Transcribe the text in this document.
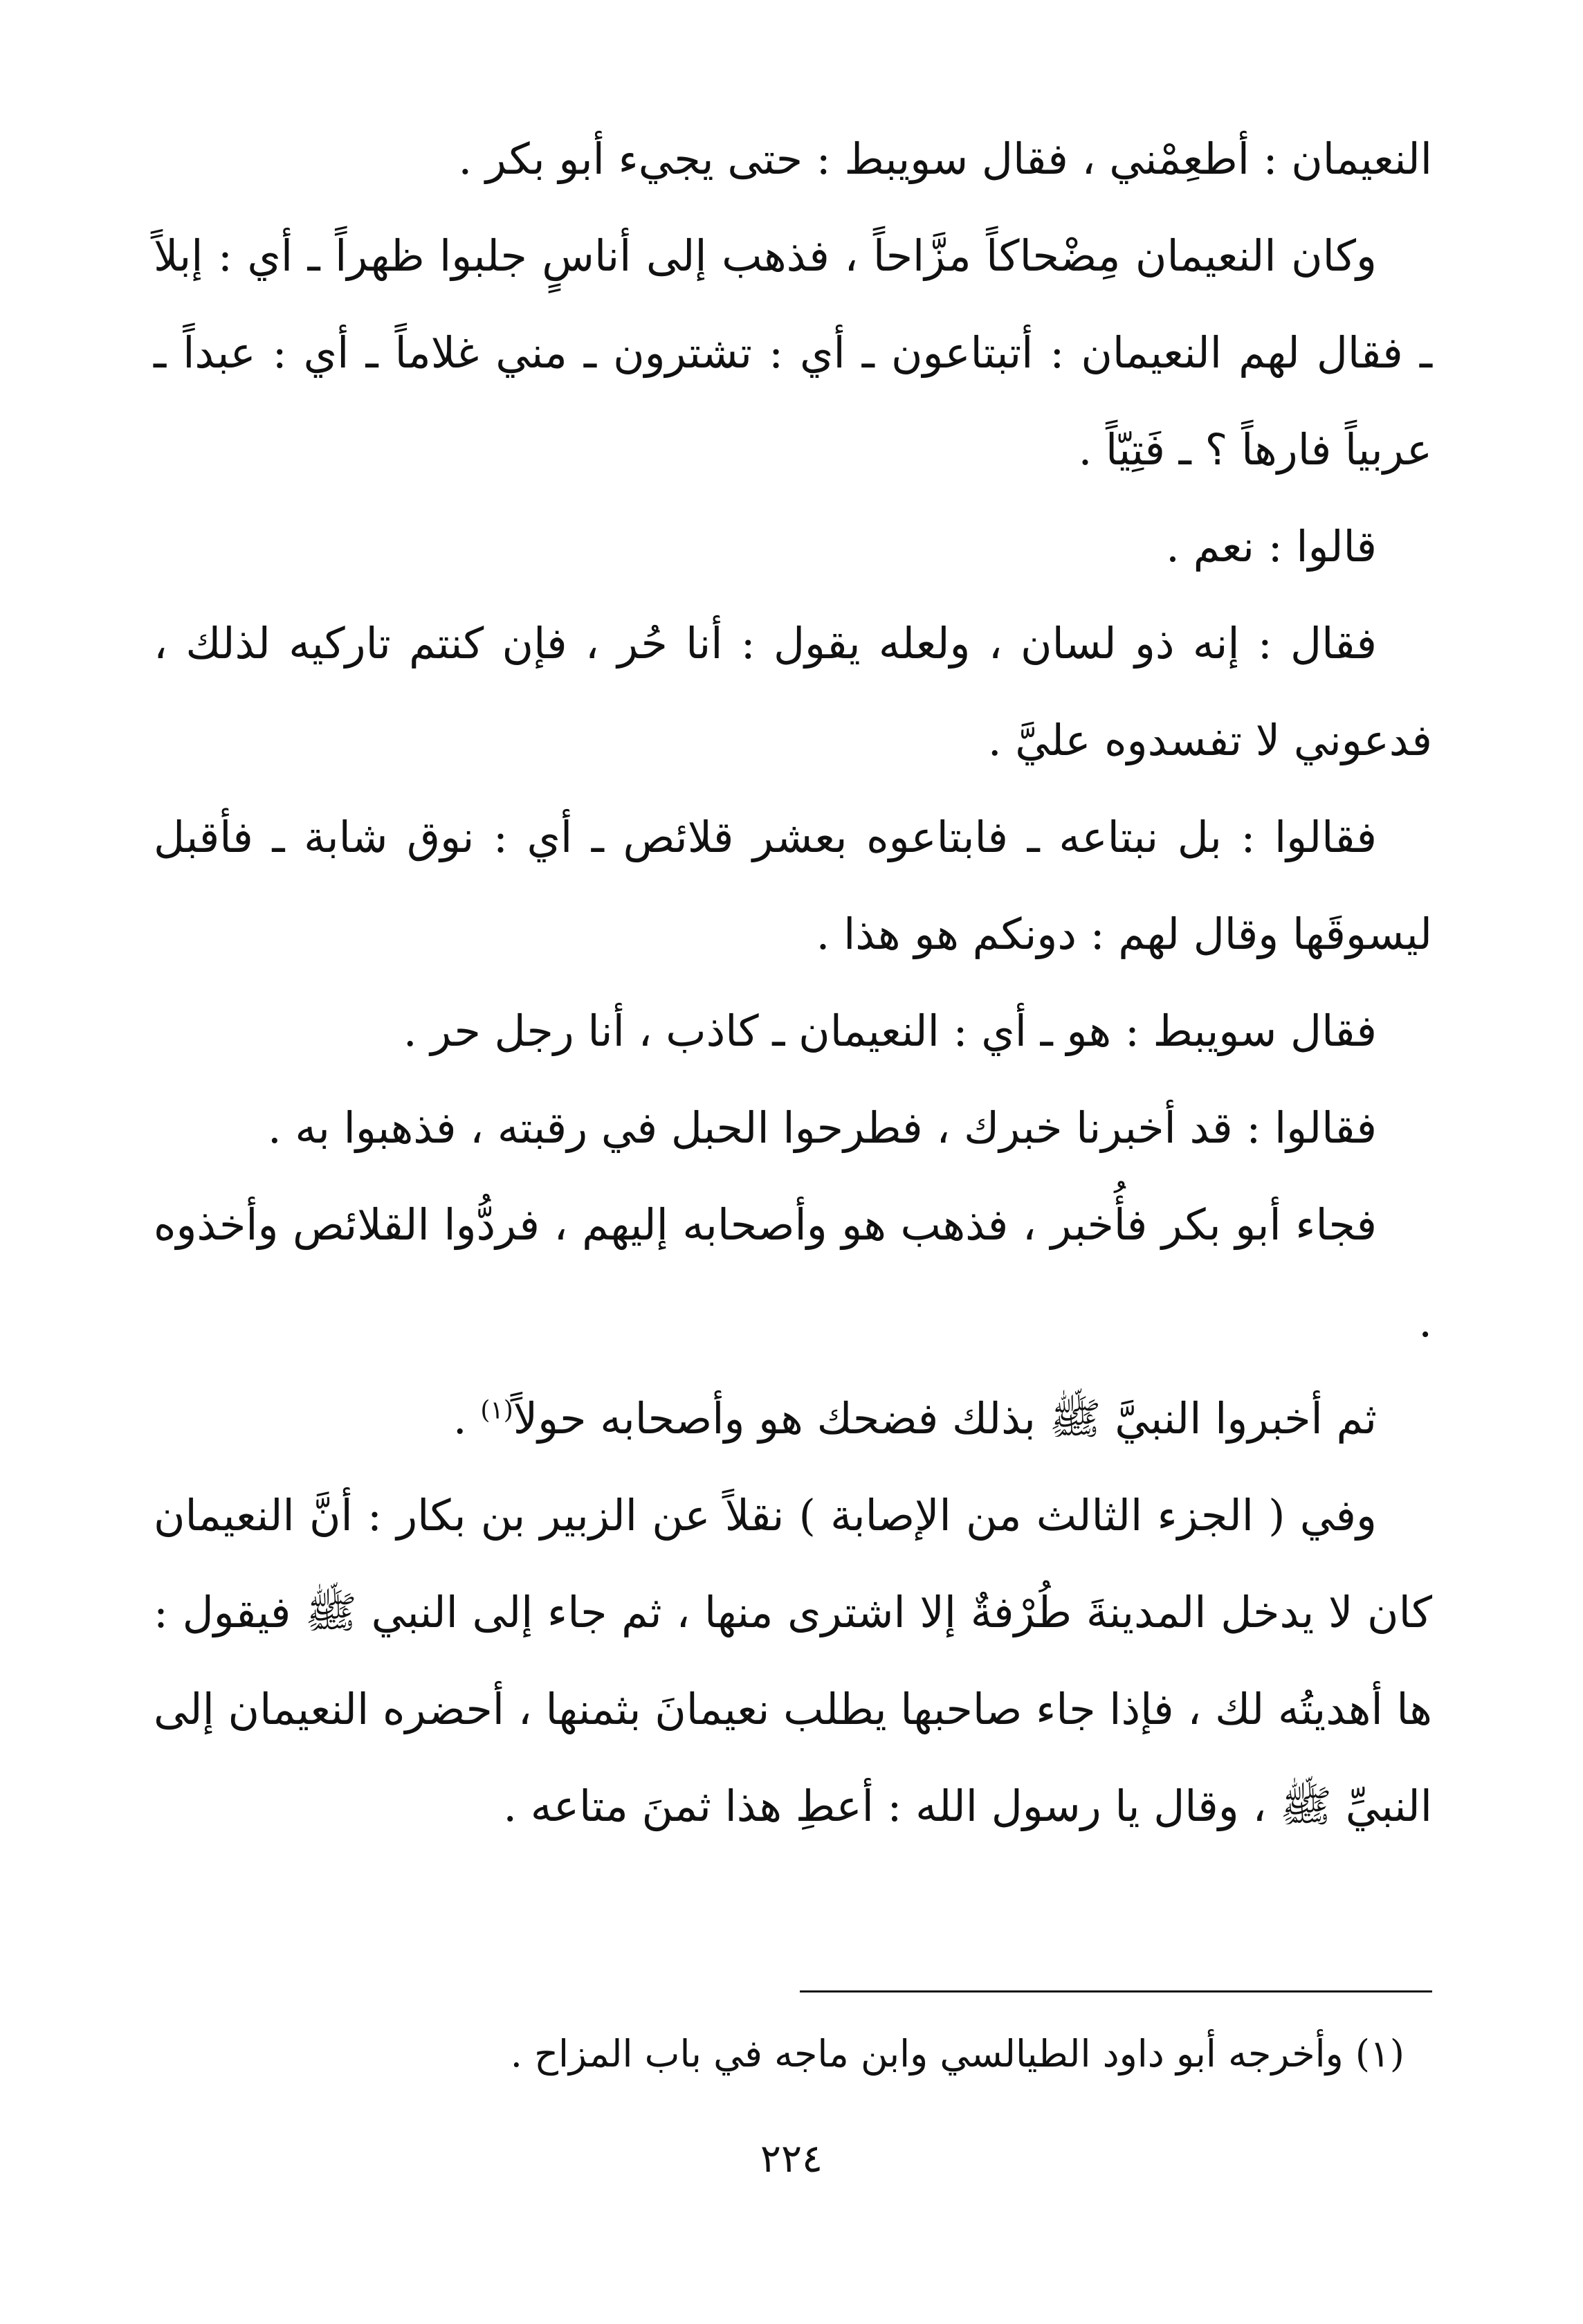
النعيمان : أطعِمْني ، فقال سويبط : حتى يجيء أبو بكر .

وكان النعيمان مِضْحاكاً مزَّاحاً ، فذهب إلى أناسٍ جلبوا ظهراً ـ أي : إبلاً ـ فقال لهم النعيمان : أتبتاعون ـ أي : تشترون ـ مني غلاماً ـ أي : عبداً ـ عربياً فارهاً ؟ ـ فَتِيّاً .

قالوا : نعم .

فقال : إنه ذو لسان ، ولعله يقول : أنا حُر ، فإن كنتم تاركيه لذلك ، فدعوني لا تفسدوه عليَّ .

فقالوا : بل نبتاعه ـ فابتاعوه بعشر قلائص ـ أي : نوق شابة ـ فأقبل ليسوقَها وقال لهم : دونكم هو هذا .

فقال سويبط : هو ـ أي : النعيمان ـ كاذب ، أنا رجل حر .

فقالوا : قد أخبرنا خبرك ، فطرحوا الحبل في رقبته ، فذهبوا به .

فجاء أبو بكر فأُخبر ، فذهب هو وأصحابه إليهم ، فردُّوا القلائص وأخذوه .

ثم أخبروا النبيَّ ﷺ بذلك فضحك هو وأصحابه حولاً$^{(١)}$ .

وفي ( الجزء الثالث من الإصابة ) نقلاً عن الزبير بن بكار : أنَّ النعيمان كان لا يدخل المدينةَ طُرْفةٌ إلا اشترى منها ، ثم جاء إلى النبي ﷺ فيقول : ها أهديتُه لك ، فإذا جاء صاحبها يطلب نعيمانَ بثمنها ، أحضره النعيمان إلى النبيِّ ﷺ ، وقال يا رسول الله : أعطِ هذا ثمنَ متاعه .

(١) وأخرجه أبو داود الطيالسي وابن ماجه في باب المزاح .
٢٢٤
